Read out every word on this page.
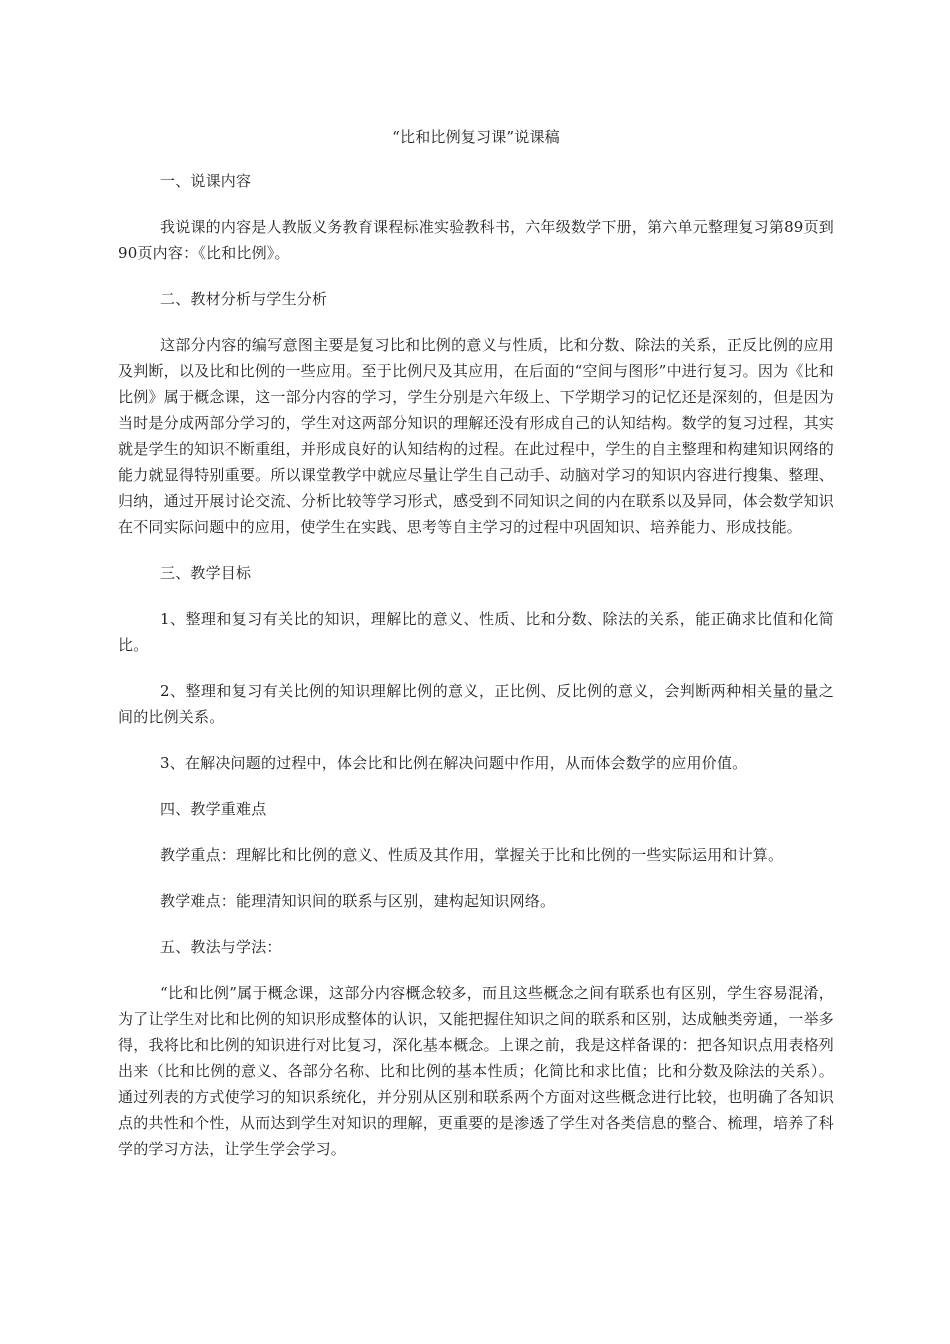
“比和比例复习课”说课稿
一、说课内容

我说课的内容是人教版义务教育课程标准实验教科书，六年级数学下册，第六单元整理复习第89页到90页内容：《比和比例》。

二、教材分析与学生分析

这部分内容的编写意图主要是复习比和比例的意义与性质，比和分数、除法的关系，正反比例的应用及判断，以及比和比例的一些应用。至于比例尺及其应用，在后面的“空间与图形”中进行复习。因为《比和比例》属于概念课，这一部分内容的学习，学生分别是六年级上、下学期学习的记忆还是深刻的，但是因为当时是分成两部分学习的，学生对这两部分知识的理解还没有形成自己的认知结构。数学的复习过程，其实就是学生的知识不断重组，并形成良好的认知结构的过程。在此过程中，学生的自主整理和构建知识网络的能力就显得特别重要。所以课堂教学中就应尽量让学生自己动手、动脑对学习的知识内容进行搜集、整理、归纳，通过开展讨论交流、分析比较等学习形式，感受到不同知识之间的内在联系以及异同，体会数学知识在不同实际问题中的应用，使学生在实践、思考等自主学习的过程中巩固知识、培养能力、形成技能。

三、教学目标

1、整理和复习有关比的知识，理解比的意义、性质、比和分数、除法的关系，能正确求比值和化简比。

2、整理和复习有关比例的知识理解比例的意义，正比例、反比例的意义，会判断两种相关量的量之间的比例关系。

3、在解决问题的过程中，体会比和比例在解决问题中作用，从而体会数学的应用价值。

四、教学重难点

教学重点：理解比和比例的意义、性质及其作用，掌握关于比和比例的一些实际运用和计算。

教学难点：能理清知识间的联系与区别，建构起知识网络。

五、教法与学法：

“比和比例”属于概念课，这部分内容概念较多，而且这些概念之间有联系也有区别，学生容易混淆，为了让学生对比和比例的知识形成整体的认识，又能把握住知识之间的联系和区别，达成触类旁通，一举多得，我将比和比例的知识进行对比复习，深化基本概念。上课之前，我是这样备课的：把各知识点用表格列出来（比和比例的意义、各部分名称、比和比例的基本性质；化简比和求比值；比和分数及除法的关系）。通过列表的方式使学习的知识系统化，并分别从区别和联系两个方面对这些概念进行比较，也明确了各知识点的共性和个性，从而达到学生对知识的理解，更重要的是渗透了学生对各类信息的整合、梳理，培养了科学的学习方法，让学生学会学习。
